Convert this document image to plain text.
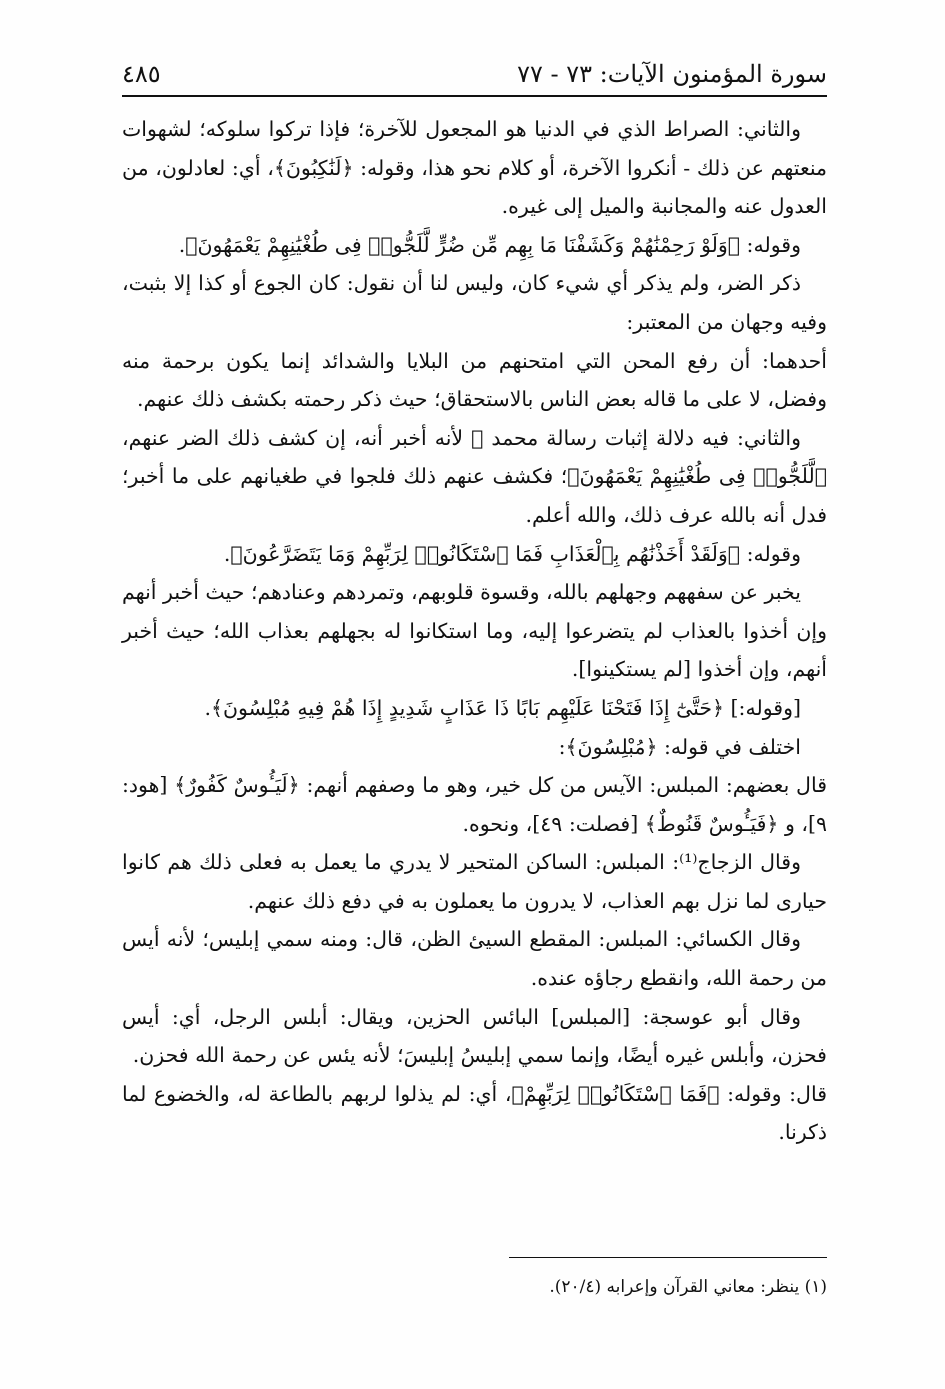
سورة المؤمنون الآيات: ٧٣ - ٧٧
٤٨٥

والثاني: الصراط الذي في الدنيا هو المجعول للآخرة؛ فإذا تركوا سلوكه؛ لشهوات منعتهم عن ذلك - أنكروا الآخرة، أو كلام نحو هذا، وقوله: ﴿لَنَٰكِبُونَ﴾، أي: لعادلون، من العدول عنه والمجانبة والميل إلى غيره.

وقوله: ﴿وَلَوْ رَحِمْنَٰهُمْ وَكَشَفْنَا مَا بِهِم مِّن ضُرٍّ لَّلَجُّوا۟ فِى طُغْيَٰنِهِمْ يَعْمَهُونَ﴾.

ذكر الضر، ولم يذكر أي شيء كان، وليس لنا أن نقول: كان الجوع أو كذا إلا بثبت، وفيه وجهان من المعتبر:

أحدهما: أن رفع المحن التي امتحنهم من البلايا والشدائد إنما يكون برحمة منه وفضل، لا على ما قاله بعض الناس بالاستحقاق؛ حيث ذكر رحمته بكشف ذلك عنهم.

والثاني: فيه دلالة إثبات رسالة محمد ﷺ لأنه أخبر أنه، إن كشف ذلك الضر عنهم، ﴿لَّلَجُّوا۟ فِى طُغْيَٰنِهِمْ يَعْمَهُونَ﴾؛ فكشف عنهم ذلك فلجوا في طغيانهم على ما أخبر؛ فدل أنه بالله عرف ذلك، والله أعلم.

وقوله: ﴿وَلَقَدْ أَخَذْنَٰهُم بِٱلْعَذَابِ فَمَا ٱسْتَكَانُوا۟ لِرَبِّهِمْ وَمَا يَتَضَرَّعُونَ﴾.

يخبر عن سفههم وجهلهم بالله، وقسوة قلوبهم، وتمردهم وعنادهم؛ حيث أخبر أنهم وإن أخذوا بالعذاب لم يتضرعوا إليه، وما استكانوا له بجهلهم بعذاب الله؛ حيث أخبر أنهم، وإن أخذوا [لم يستكينوا].

[وقوله:] ﴿حَتَّىٰٓ إِذَا فَتَحْنَا عَلَيْهِم بَابًا ذَا عَذَابٍ شَدِيدٍ إِذَا هُمْ فِيهِ مُبْلِسُونَ﴾.

اختلف في قوله: ﴿مُبْلِسُونَ﴾:

قال بعضهم: المبلس: الآيس من كل خير، وهو ما وصفهم أنهم: ﴿لَيَـُٔوسٌ كَفُورٌ﴾ [هود: ٩]، و ﴿فَيَـُٔوسٌ قَنُوطٌ﴾ [فصلت: ٤٩]، ونحوه.

وقال الزجاج⁽¹⁾: المبلس: الساكن المتحير لا يدري ما يعمل به فعلى ذلك هم كانوا حيارى لما نزل بهم العذاب، لا يدرون ما يعملون به في دفع ذلك عنهم.

وقال الكسائي: المبلس: المقطع السيئ الظن، قال: ومنه سمي إبليس؛ لأنه أيس من رحمة الله، وانقطع رجاؤه عنده.

وقال أبو عوسجة: [المبلس] البائس الحزين، ويقال: أبلس الرجل، أي: أيس فحزن، وأبلس غيره أيضًا، وإنما سمي إبليسُ إبليسَ؛ لأنه يئس عن رحمة الله فحزن.

قال: وقوله: ﴿فَمَا ٱسْتَكَانُوا۟ لِرَبِّهِمْ﴾، أي: لم يذلوا لربهم بالطاعة له، والخضوع لما ذكرنا.

(١) ينظر: معاني القرآن وإعرابه (٢٠/٤).
